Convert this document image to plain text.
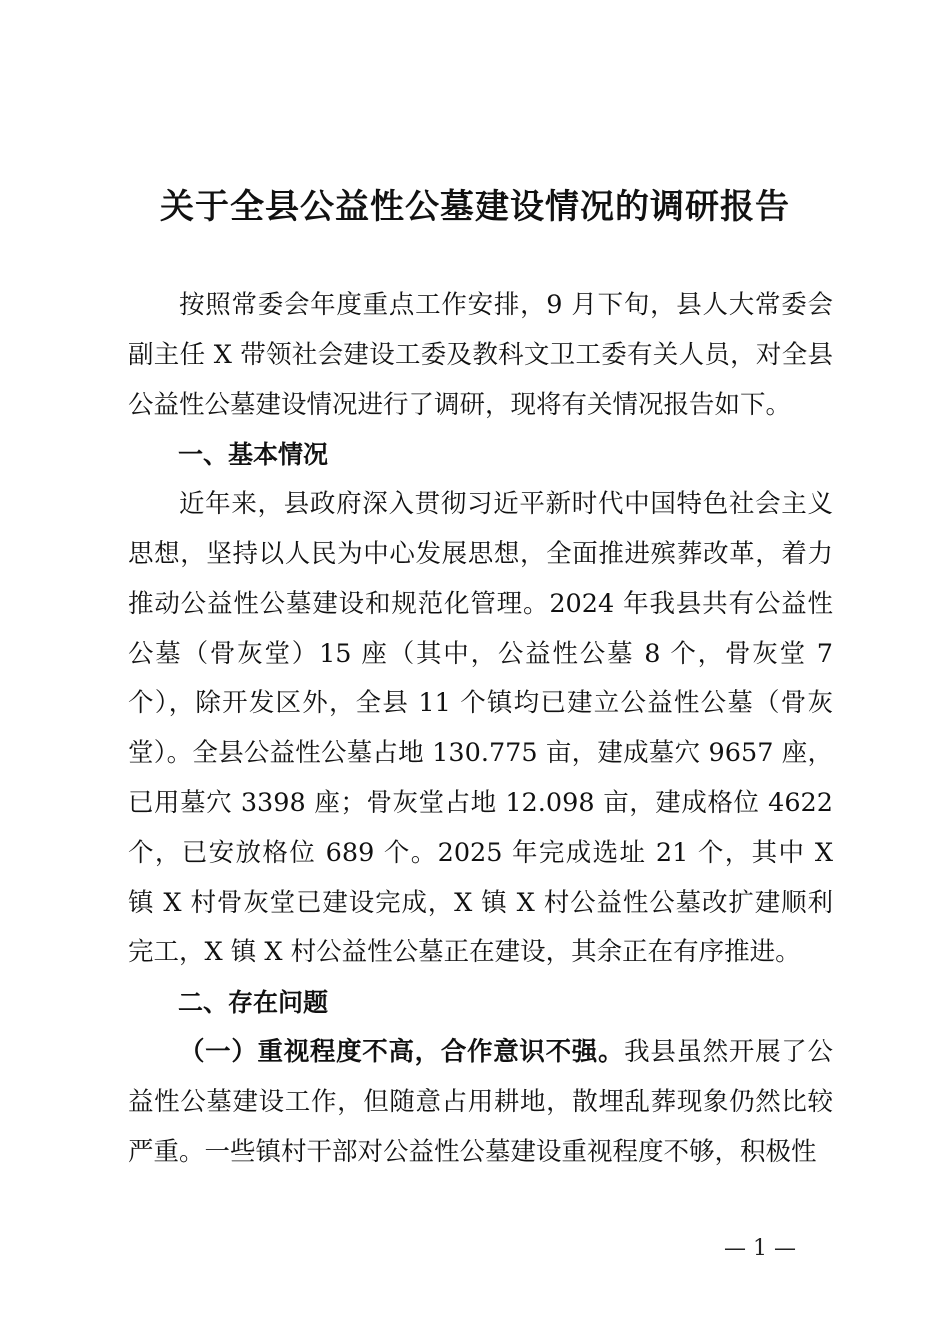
关于全县公益性公墓建设情况的调研报告

按照常委会年度重点工作安排，9 月下旬，县人大常委会副主任 X 带领社会建设工委及教科文卫工委有关人员，对全县公益性公墓建设情况进行了调研，现将有关情况报告如下。

一、基本情况

近年来，县政府深入贯彻习近平新时代中国特色社会主义思想，坚持以人民为中心发展思想，全面推进殡葬改革，着力推动公益性公墓建设和规范化管理。2024 年我县共有公益性公墓（骨灰堂）15 座（其中，公益性公墓 8 个，骨灰堂 7 个），除开发区外，全县 11 个镇均已建立公益性公墓（骨灰堂）。全县公益性公墓占地 130.775 亩，建成墓穴 9657 座，已用墓穴 3398 座；骨灰堂占地 12.098 亩，建成格位 4622 个，已安放格位 689 个。2025 年完成选址 21 个，其中 X 镇 X 村骨灰堂已建设完成，X 镇 X 村公益性公墓改扩建顺利完工，X 镇 X 村公益性公墓正在建设，其余正在有序推进。

二、存在问题

（一）重视程度不高，合作意识不强。我县虽然开展了公益性公墓建设工作，但随意占用耕地，散埋乱葬现象仍然比较严重。一些镇村干部对公益性公墓建设重视程度不够，积极性

— 1 —
